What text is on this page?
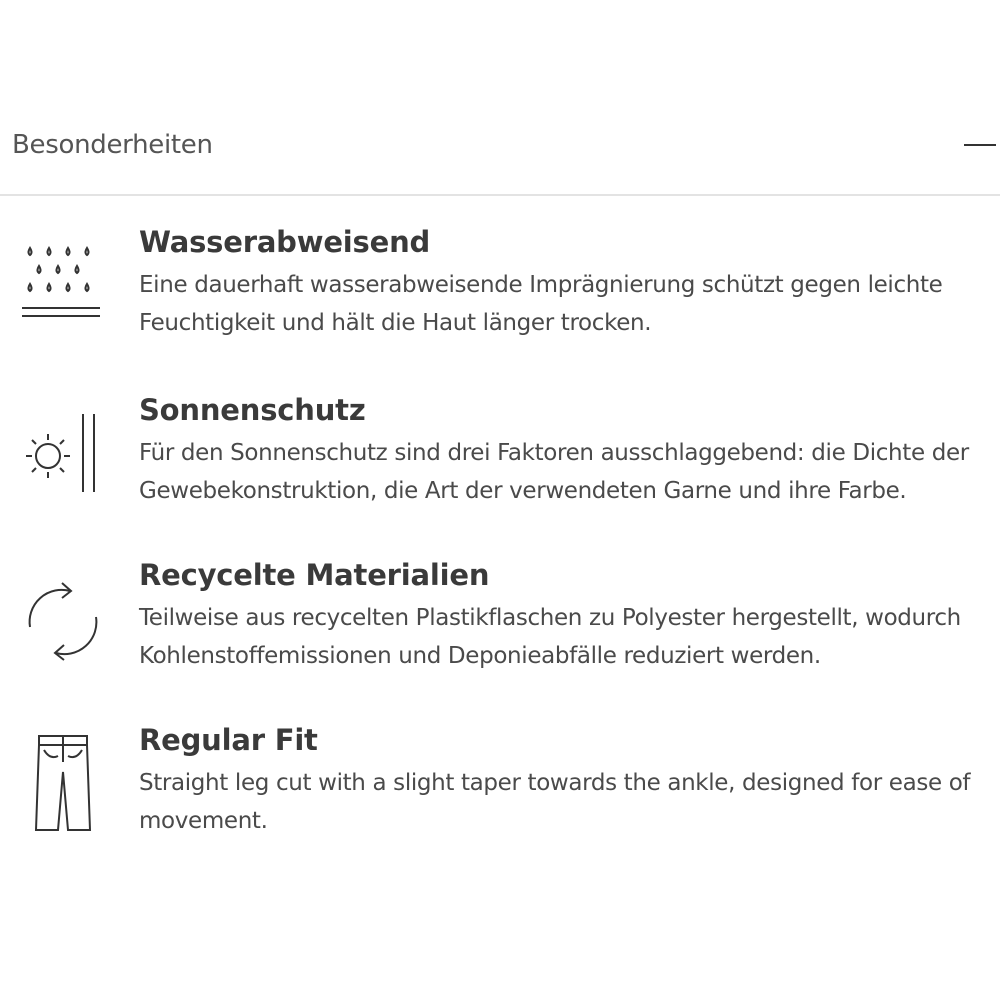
Besonderheiten
Wasserabweisend

Eine dauerhaft wasserabweisende Imprägnierung schützt gegen leichte Feuchtigkeit und hält die Haut länger trocken.

Sonnenschutz

Für den Sonnenschutz sind drei Faktoren ausschlaggebend: die Dichte der Gewebekonstruktion, die Art der verwendeten Garne und ihre Farbe.

Recycelte Materialien

Teilweise aus recycelten Plastikflaschen zu Polyester hergestellt, wodurch Kohlenstoffemissionen und Deponieabfälle reduziert werden.

Regular Fit

Straight leg cut with a slight taper towards the ankle, designed for ease of movement.
